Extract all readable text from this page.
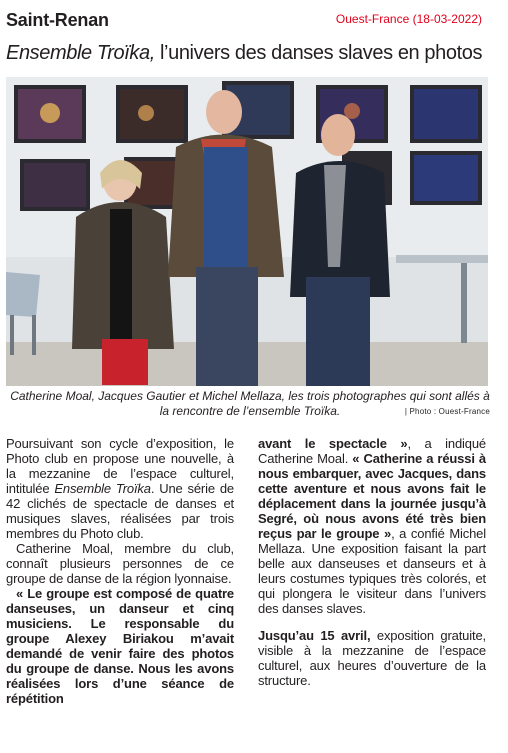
Saint-Renan	Ouest-France (18-03-2022)
Ensemble Troïka, l’univers des danses slaves en photos
Catherine Moal, Jacques Gautier et Michel Mellaza, les trois photographes qui sont allés à la rencontre de l’ensemble Troïka.	| Photo : Ouest-France

Poursuivant son cycle d’exposition, le Photo club en propose une nouvelle, à la mezzanine de l’espace culturel, intitulée Ensemble Troïka. Une série de 42 clichés de spectacle de danses et musiques slaves, réalisées par trois membres du Photo club.

Catherine Moal, membre du club, connaît plusieurs personnes de ce groupe de danse de la région lyonnaise.

« Le groupe est composé de quatre danseuses, un danseur et cinq musiciens. Le responsable du groupe Alexey Biriakou m’avait demandé de venir faire des photos du groupe de danse. Nous les avons réalisées lors d’une séance de répétition

avant le spectacle », a indiqué Catherine Moal. « Catherine a réussi à nous embarquer, avec Jacques, dans cette aventure et nous avons fait le déplacement dans la journée jusqu’à Segré, où nous avons été très bien reçus par le groupe », a confié Michel Mellaza. Une exposition faisant la part belle aux danseuses et danseurs et à leurs costumes typiques très colorés, et qui plongera le visiteur dans l’univers des danses slaves.

Jusqu’au 15 avril, exposition gratuite, visible à la mezzanine de l’espace culturel, aux heures d’ouverture de la structure.
